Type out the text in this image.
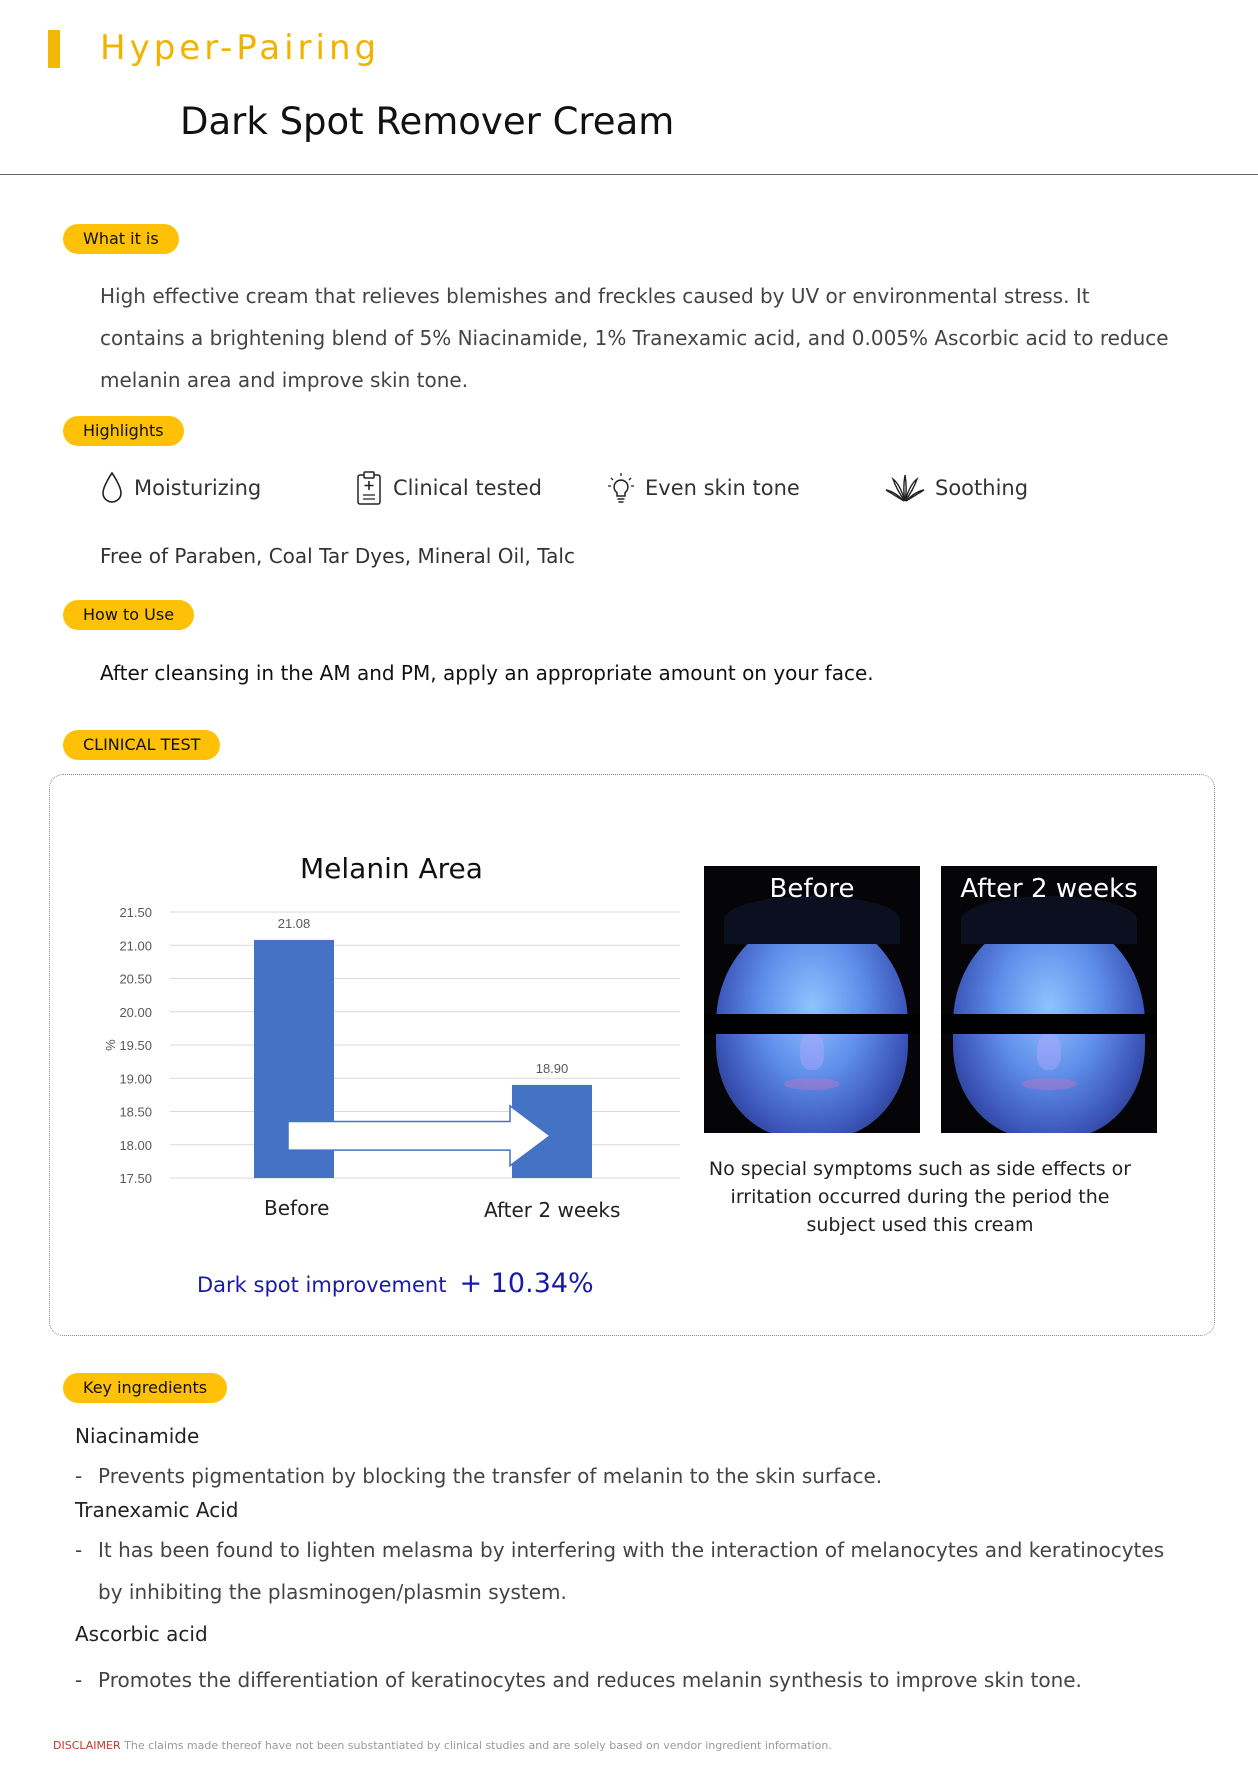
Hyper-Pairing
Dark Spot Remover Cream
What it is
High effective cream that relieves blemishes and freckles caused by UV or environmental stress. It contains a brightening blend of 5% Niacinamide, 1% Tranexamic acid, and 0.005% Ascorbic acid to reduce melanin area and improve skin tone.
Highlights
Moisturizing	Clinical tested	Even skin tone	Soothing
Free of Paraben, Coal Tar Dyes, Mineral Oil, Talc
How to Use
After cleansing in the AM and PM, apply an appropriate amount on your face.
CLINICAL TEST
Melanin Area
21.50
21.00
20.50
20.00
19.50
19.00
18.50
18.00
17.50
%
21.08
18.90
Before	After 2 weeks
Dark spot improvement + 10.34%
Before	After 2 weeks
No special symptoms such as side effects or irritation occurred during the period the subject used this cream
Key ingredients
Niacinamide
- Prevents pigmentation by blocking the transfer of melanin to the skin surface.
Tranexamic Acid
- It has been found to lighten melasma by interfering with the interaction of melanocytes and keratinocytes by inhibiting the plasminogen/plasmin system.
Ascorbic acid
- Promotes the differentiation of keratinocytes and reduces melanin synthesis to improve skin tone.
DISCLAIMER The claims made thereof have not been substantiated by clinical studies and are solely based on vendor ingredient information.
